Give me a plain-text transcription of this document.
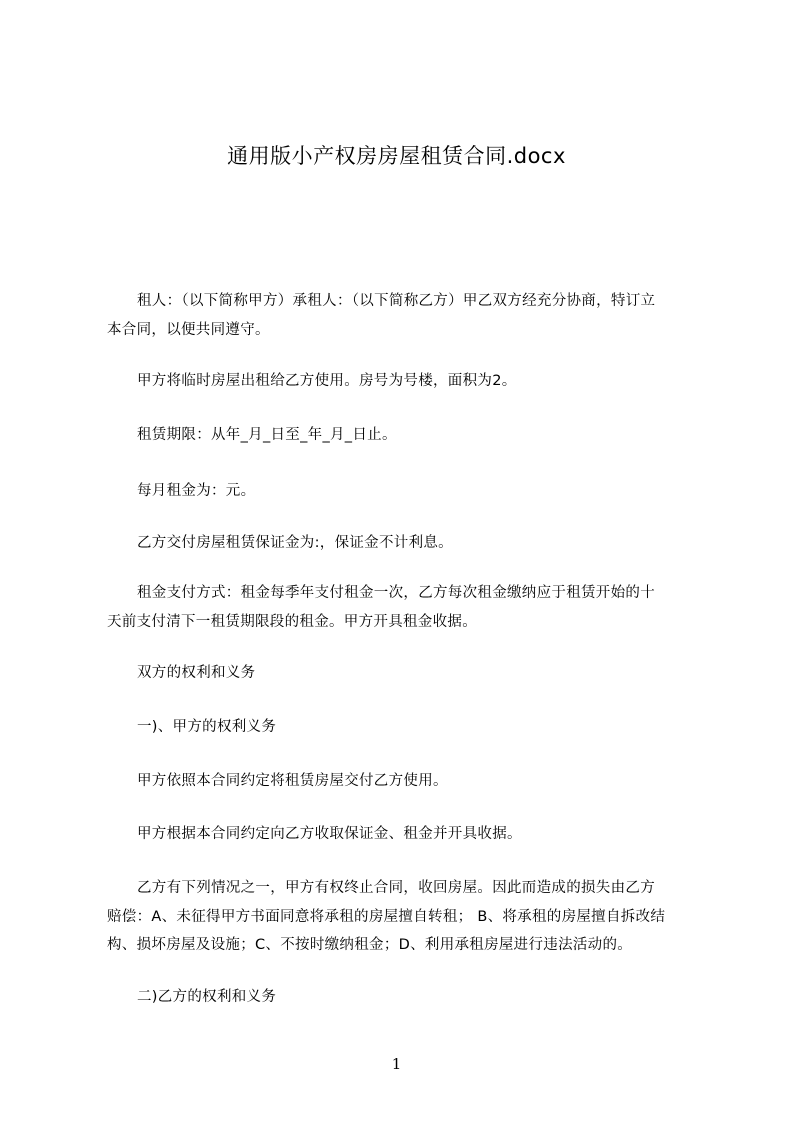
通用版小产权房房屋租赁合同.docx
租人：（以下简称甲方）承租人：（以下简称乙方）甲乙双方经充分协商，特订立
本合同，以便共同遵守。
甲方将临时房屋出租给乙方使用。房号为号楼，面积为2。
租赁期限：从年_月_日至_年_月_日止。
每月租金为：元。
乙方交付房屋租赁保证金为:，保证金不计利息。
租金支付方式：租金每季年支付租金一次，乙方每次租金缴纳应于租赁开始的十
天前支付清下一租赁期限段的租金。甲方开具租金收据。
双方的权利和义务
一)、甲方的权利义务
甲方依照本合同约定将租赁房屋交付乙方使用。
甲方根据本合同约定向乙方收取保证金、租金并开具收据。
乙方有下列情况之一，甲方有权终止合同，收回房屋。因此而造成的损失由乙方
赔偿：A、未征得甲方书面同意将承租的房屋擅自转租； B、将承租的房屋擅自拆改结
构、损坏房屋及设施；C、不按时缴纳租金；D、利用承租房屋进行违法活动的。
二)乙方的权利和义务
1
